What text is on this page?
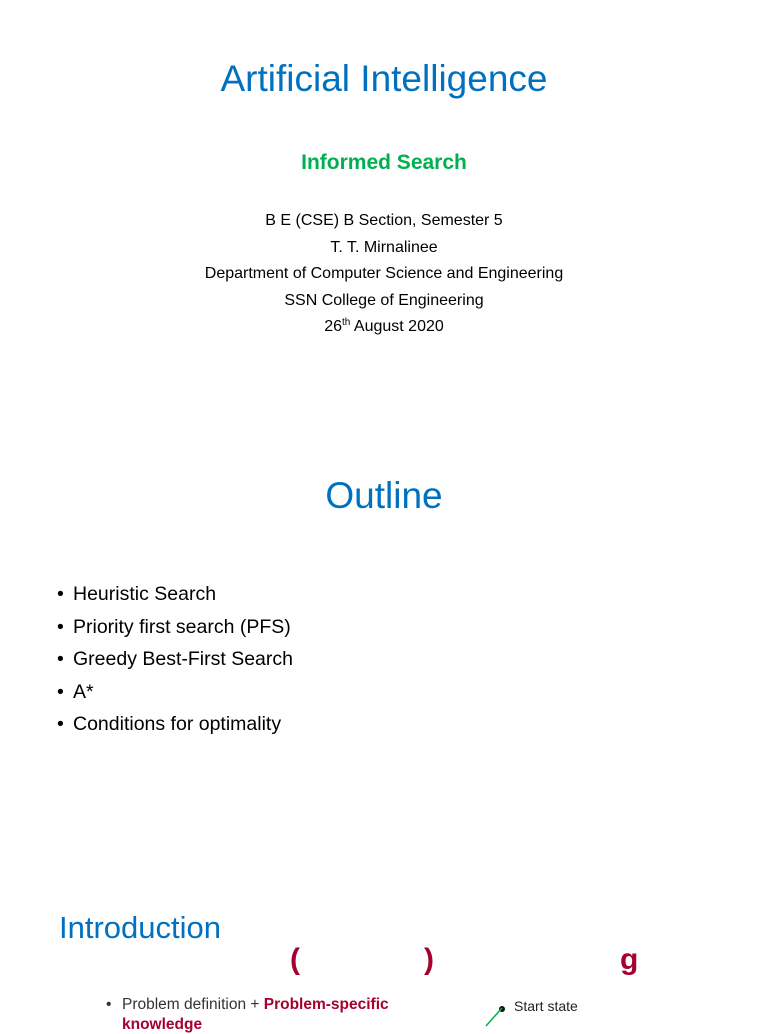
Artificial Intelligence
Informed Search
B E (CSE) B Section, Semester 5
T. T. Mirnalinee
Department of Computer Science and Engineering
SSN College of Engineering
26th August 2020
Outline
• Heuristic Search
• Priority first search (PFS)
• Greedy Best-First Search
• A*
• Conditions for optimality
Introduction
(	)	g
• Problem definition + Problem-specific
knowledge
Start state
